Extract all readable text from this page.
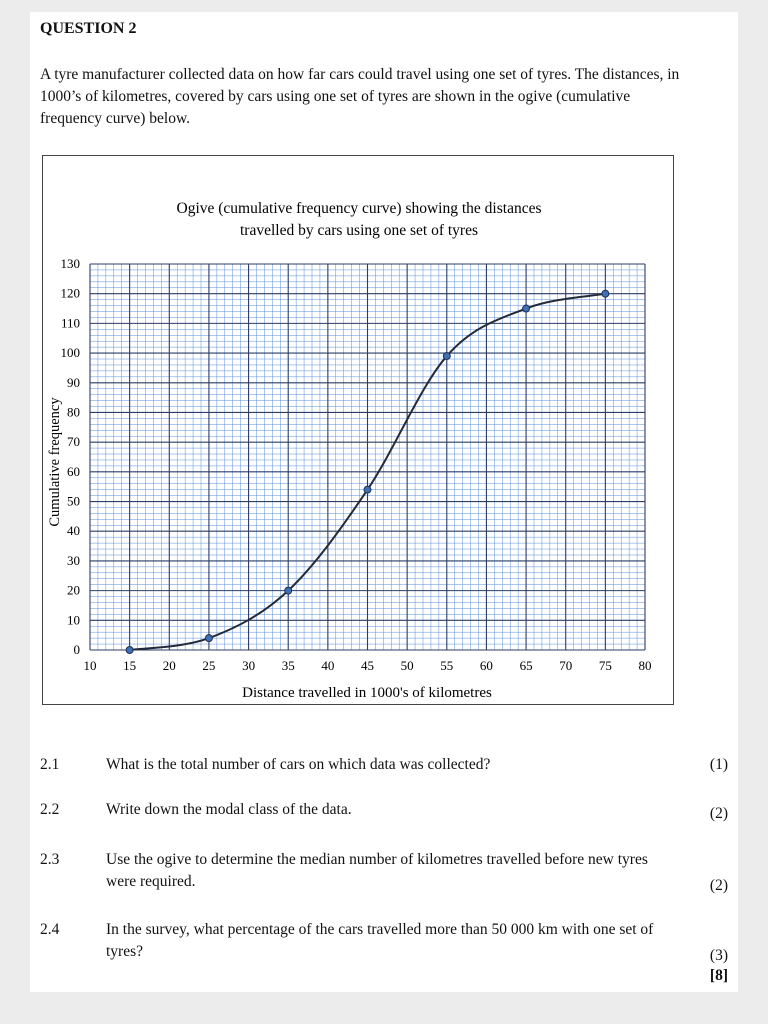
QUESTION 2
A tyre manufacturer collected data on how far cars could travel using one set of tyres. The distances, in 1000’s of kilometres, covered by cars using one set of tyres are shown in the ogive (cumulative frequency curve) below.
Ogive (cumulative frequency curve) showing the distances
travelled by cars using one set of tyres
Distance travelled in 1000's of kilometres
Cumulative frequency
10 15 20 25 30 35 40 45 50 55 60 65 70 75 80
0
10
20
30
40
50
60
70
80
90
100
110
120
130
2.1	What is the total number of cars on which data was collected?	(1)
2.2	Write down the modal class of the data.	(2)
2.3	Use the ogive to determine the median number of kilometres travelled before new tyres were required.	(2)
2.4	In the survey, what percentage of the cars travelled more than 50 000 km with one set of tyres?	(3)
[8]
